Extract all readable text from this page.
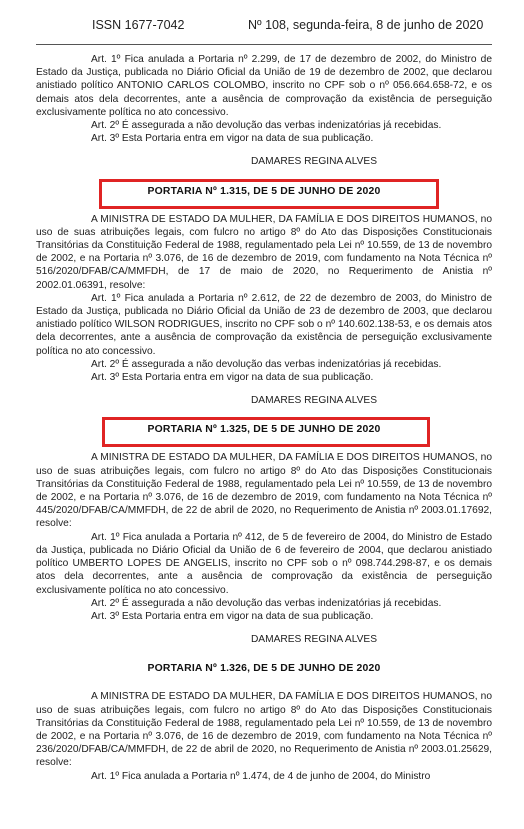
ISSN 1677-7042	Nº 108, segunda-feira, 8 de junho de 2020

Art. 1º Fica anulada a Portaria nº 2.299, de 17 de dezembro de 2002, do Ministro de Estado da Justiça, publicada no Diário Oficial da União de 19 de dezembro de 2002, que declarou anistiado político ANTONIO CARLOS COLOMBO, inscrito no CPF sob o nº 056.664.658-72, e os demais atos dela decorrentes, ante a ausência de comprovação da existência de perseguição exclusivamente política no ato concessivo.

Art. 2º É assegurada a não devolução das verbas indenizatórias já recebidas.

Art. 3º Esta Portaria entra em vigor na data de sua publicação.

DAMARES REGINA ALVES

PORTARIA Nº 1.315, DE 5 DE JUNHO DE 2020

A MINISTRA DE ESTADO DA MULHER, DA FAMÍLIA E DOS DIREITOS HUMANOS, no uso de suas atribuições legais, com fulcro no artigo 8º do Ato das Disposições Constitucionais Transitórias da Constituição Federal de 1988, regulamentado pela Lei nº 10.559, de 13 de novembro de 2002, e na Portaria nº 3.076, de 16 de dezembro de 2019, com fundamento na Nota Técnica nº 516/2020/DFAB/CA/MMFDH, de 17 de maio de 2020, no Requerimento de Anistia nº 2002.01.06391, resolve:

Art. 1º Fica anulada a Portaria nº 2.612, de 22 de dezembro de 2003, do Ministro de Estado da Justiça, publicada no Diário Oficial da União de 23 de dezembro de 2003, que declarou anistiado político WILSON RODRIGUES, inscrito no CPF sob o nº 140.602.138-53, e os demais atos dela decorrentes, ante a ausência de comprovação da existência de perseguição exclusivamente política no ato concessivo.

Art. 2º É assegurada a não devolução das verbas indenizatórias já recebidas.

Art. 3º Esta Portaria entra em vigor na data de sua publicação.

DAMARES REGINA ALVES

PORTARIA Nº 1.325, DE 5 DE JUNHO DE 2020

A MINISTRA DE ESTADO DA MULHER, DA FAMÍLIA E DOS DIREITOS HUMANOS, no uso de suas atribuições legais, com fulcro no artigo 8º do Ato das Disposições Constitucionais Transitórias da Constituição Federal de 1988, regulamentado pela Lei nº 10.559, de 13 de novembro de 2002, e na Portaria nº 3.076, de 16 de dezembro de 2019, com fundamento na Nota Técnica nº 445/2020/DFAB/CA/MMFDH, de 22 de abril de 2020, no Requerimento de Anistia nº 2003.01.17692, resolve:

Art. 1º Fica anulada a Portaria nº 412, de 5 de fevereiro de 2004, do Ministro de Estado da Justiça, publicada no Diário Oficial da União de 6 de fevereiro de 2004, que declarou anistiado político UMBERTO LOPES DE ANGELIS, inscrito no CPF sob o nº 098.744.298-87, e os demais atos dela decorrentes, ante a ausência de comprovação da existência de perseguição exclusivamente política no ato concessivo.

Art. 2º É assegurada a não devolução das verbas indenizatórias já recebidas.

Art. 3º Esta Portaria entra em vigor na data de sua publicação.

DAMARES REGINA ALVES

PORTARIA Nº 1.326, DE 5 DE JUNHO DE 2020

A MINISTRA DE ESTADO DA MULHER, DA FAMÍLIA E DOS DIREITOS HUMANOS, no uso de suas atribuições legais, com fulcro no artigo 8º do Ato das Disposições Constitucionais Transitórias da Constituição Federal de 1988, regulamentado pela Lei nº 10.559, de 13 de novembro de 2002, e na Portaria nº 3.076, de 16 de dezembro de 2019, com fundamento na Nota Técnica nº 236/2020/DFAB/CA/MMFDH, de 22 de abril de 2020, no Requerimento de Anistia nº 2003.01.25629, resolve:

Art. 1º Fica anulada a Portaria nº 1.474, de 4 de junho de 2004, do Ministro
